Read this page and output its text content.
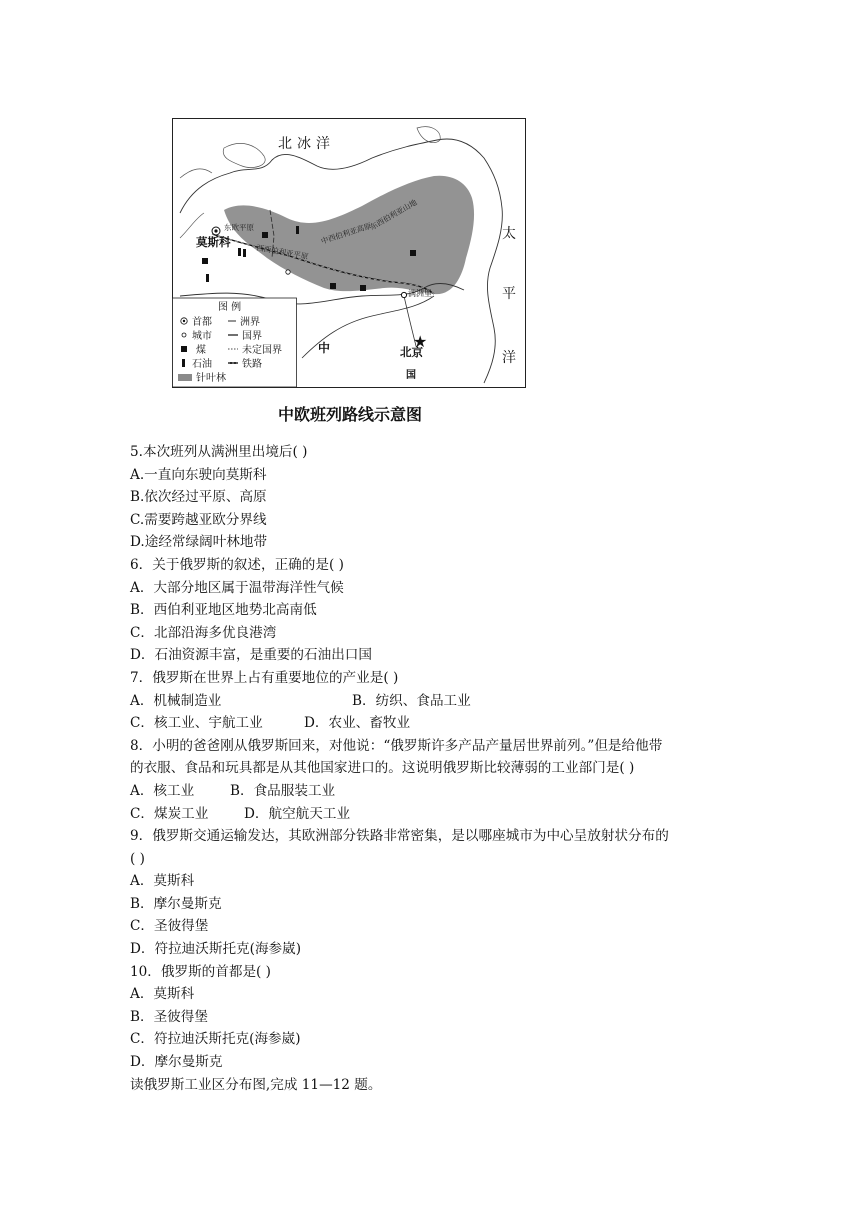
★
北冰洋
太
平
洋
莫斯科
东欧平原
西西伯利亚平原
中西伯利亚高原
东西伯利亚山地
满洲里
北京
中
国
图 例
首都	洲界
城市	国界
煤	未定国界
石油	铁路
针叶林
中欧班列路线示意图
5.本次班列从满洲里出境后( )
A.一直向东驶向莫斯科
B.依次经过平原、高原
C.需要跨越亚欧分界线
D.途经常绿阔叶林地带
6．关于俄罗斯的叙述，正确的是( )
A．大部分地区属于温带海洋性气候
B．西伯利亚地区地势北高南低
C．北部沿海多优良港湾
D．石油资源丰富，是重要的石油出口国
7．俄罗斯在世界上占有重要地位的产业是( )
A．机械制造业	B．纺织、食品工业
C．核工业、宇航工业	D．农业、畜牧业
8．小明的爸爸刚从俄罗斯回来，对他说：“俄罗斯许多产品产量居世界前列。”但是给他带
的衣服、食品和玩具都是从其他国家进口的。这说明俄罗斯比较薄弱的工业部门是( )
A．核工业	B．食品服装工业
C．煤炭工业	D．航空航天工业
9．俄罗斯交通运输发达，其欧洲部分铁路非常密集，是以哪座城市为中心呈放射状分布的
( )
A．莫斯科
B．摩尔曼斯克
C．圣彼得堡
D．符拉迪沃斯托克(海参崴)
10．俄罗斯的首都是( )
A．莫斯科
B．圣彼得堡
C．符拉迪沃斯托克(海参崴)
D．摩尔曼斯克
读俄罗斯工业区分布图,完成 11—12 题。
